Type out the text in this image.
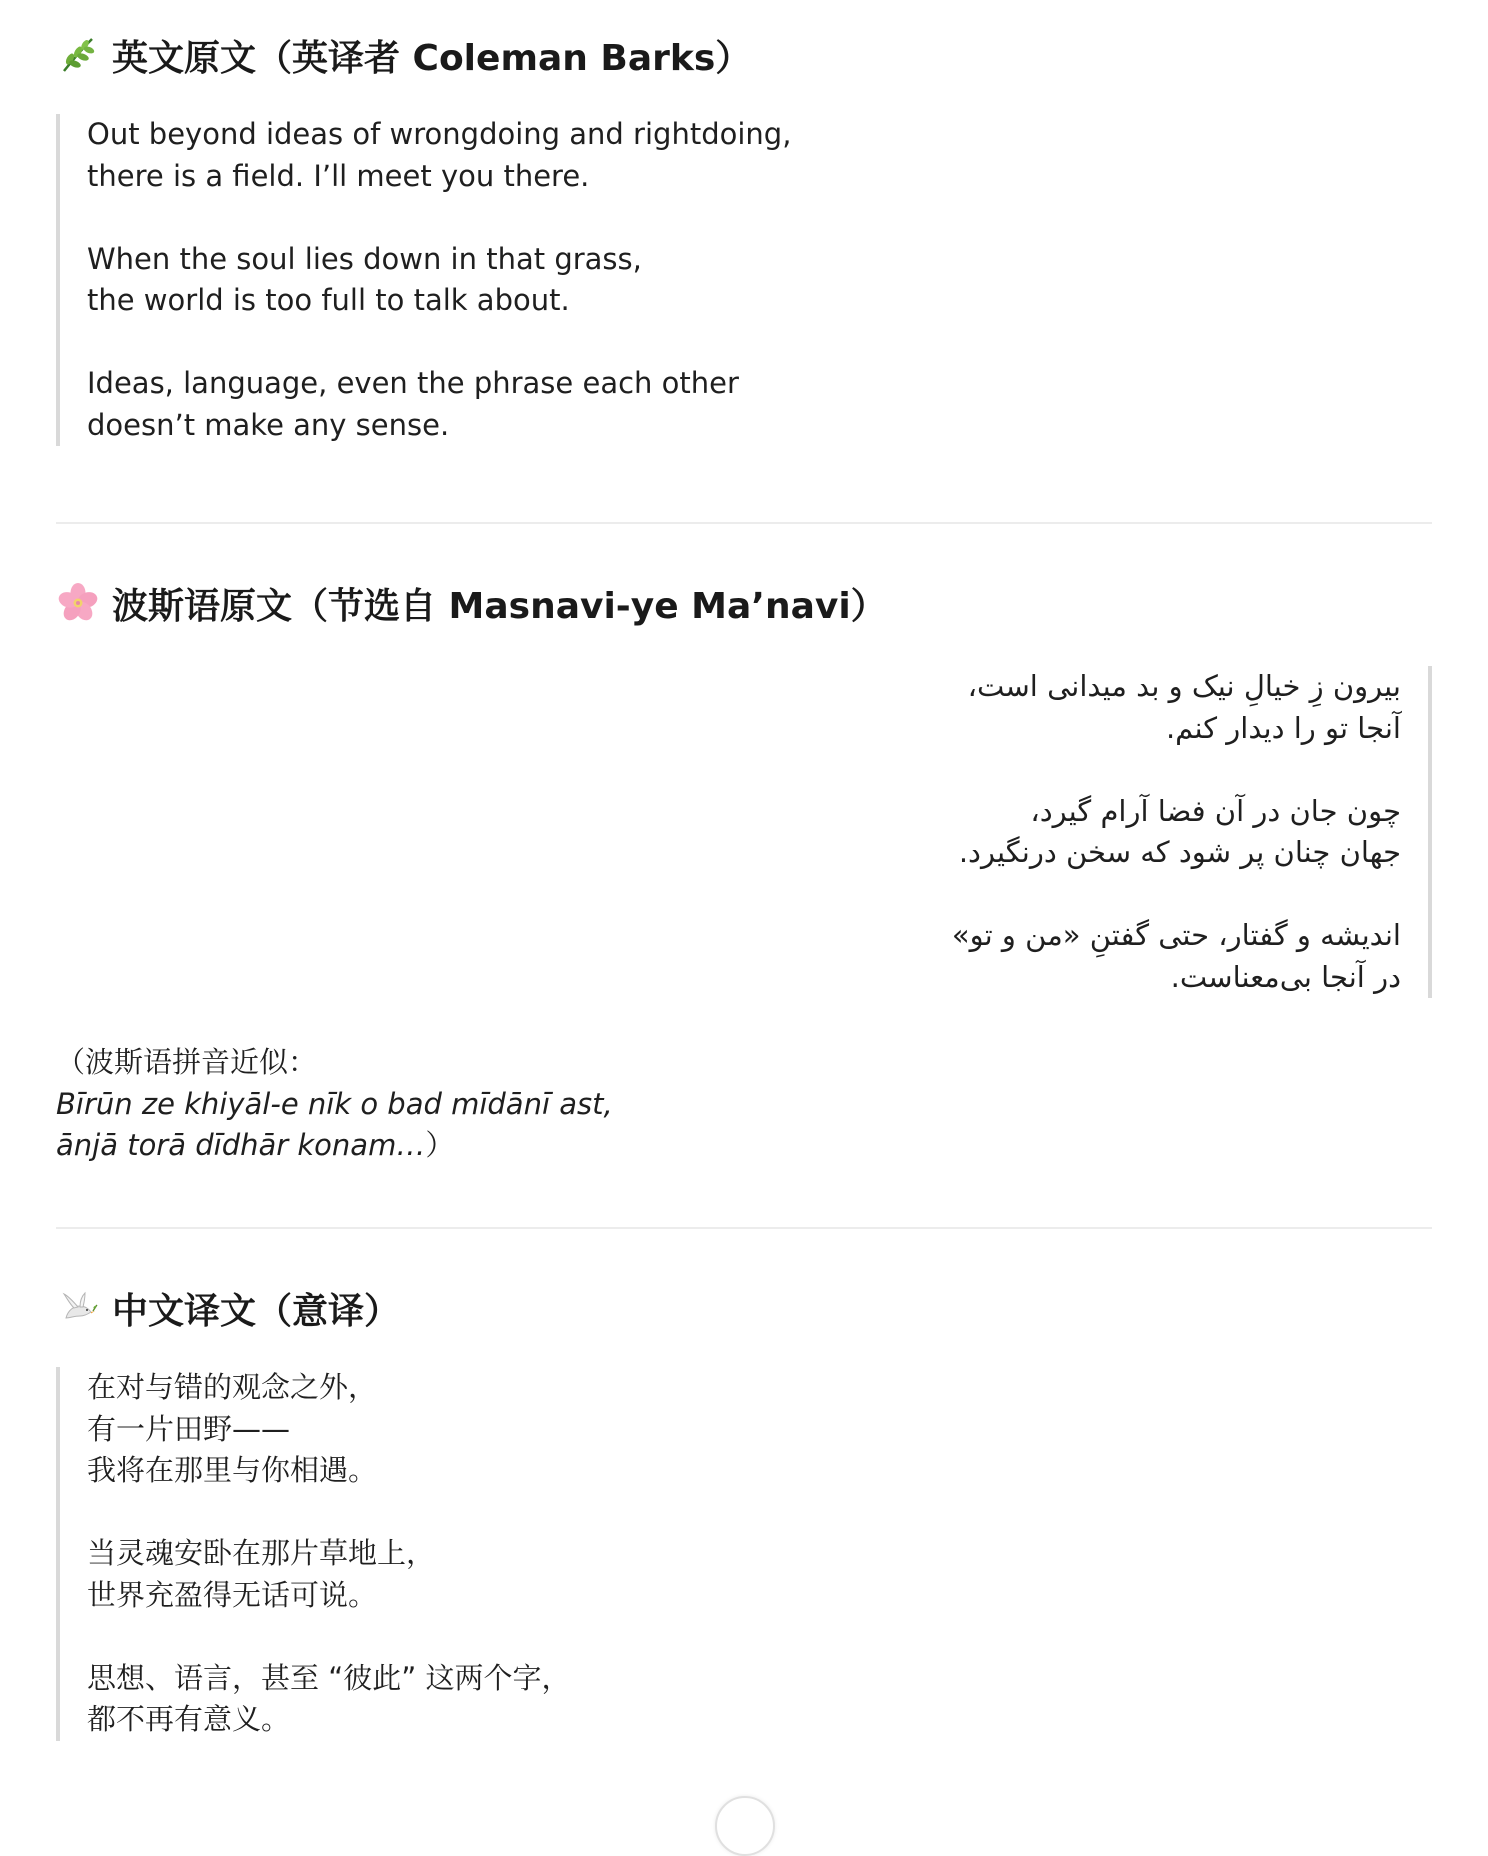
英文原文（英译者 Coleman Barks）
Out beyond ideas of wrongdoing and rightdoing,
there is a field. I’ll meet you there.
When the soul lies down in that grass,
the world is too full to talk about.
Ideas, language, even the phrase each other
doesn’t make any sense.
波斯语原文（节选自 Masnavi-ye Ma’navi）
بیرون زِ خیالِ نیک و بد میدانی است،
آنجا تو را دیدار کنم.
چون جان در آن فضا آرام گیرد،
جهان چنان پر شود که سخن درنگیرد.
اندیشه و گفتار، حتی گفتنِ «من و تو»
در آنجا بی‌معناست.
（波斯语拼音近似：
Bīrūn ze khiyāl-e nīk o bad mīdānī ast,
ānjā torā dīdhār konam…）
中文译文（意译）
在对与错的观念之外，
有一片田野——
我将在那里与你相遇。
当灵魂安卧在那片草地上，
世界充盈得无话可说。
思想、语言，甚至 “彼此” 这两个字，
都不再有意义。
